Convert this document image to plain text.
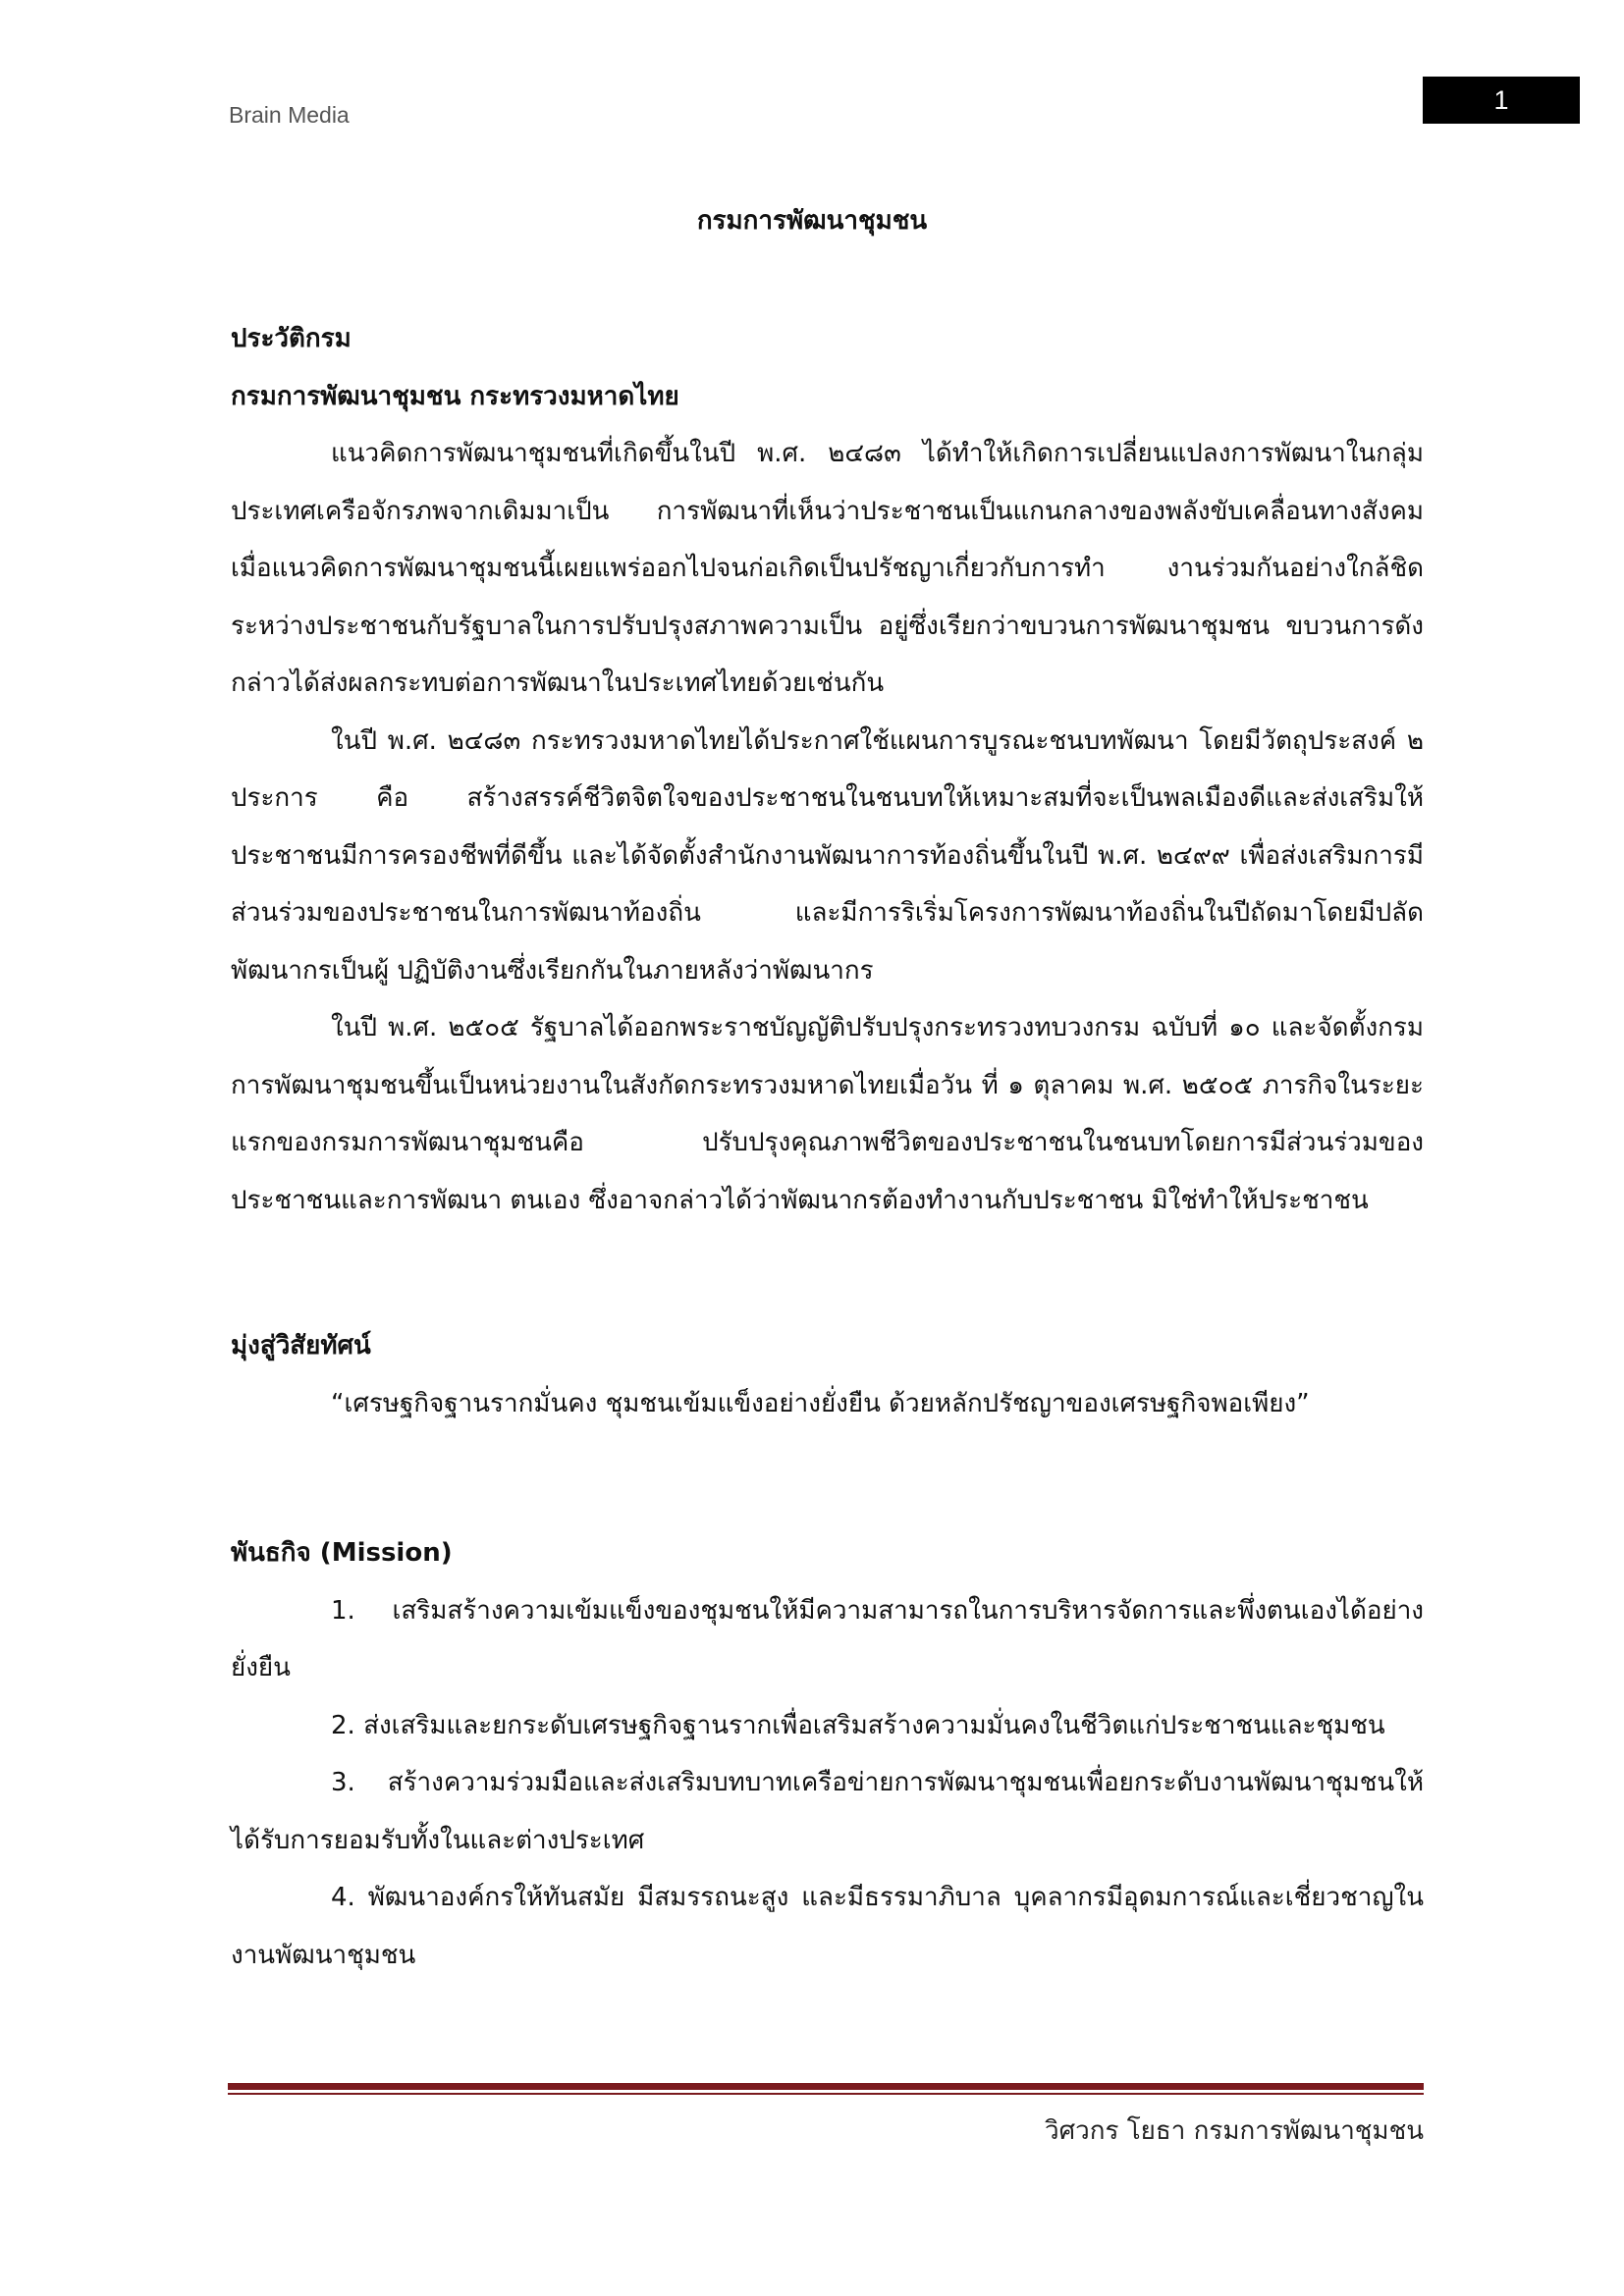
Brain Media
1
กรมการพัฒนาชุมชน

ประวัติกรม

กรมการพัฒนาชุมชน กระทรวงมหาดไทย

แนวคิดการพัฒนาชุมชนที่เกิดขึ้นในปี พ.ศ. ๒๔๘๓ ได้ทำให้เกิดการเปลี่ยนแปลงการพัฒนาในกลุ่มประเทศเครือจักรภพจากเดิมมาเป็น การพัฒนาที่เห็นว่าประชาชนเป็นแกนกลางของพลังขับเคลื่อนทางสังคม เมื่อแนวคิดการพัฒนาชุมชนนี้เผยแพร่ออกไปจนก่อเกิดเป็นปรัชญาเกี่ยวกับการทำ งานร่วมกันอย่างใกล้ชิดระหว่างประชาชนกับรัฐบาลในการปรับปรุงสภาพความเป็น อยู่ซึ่งเรียกว่าขบวนการพัฒนาชุมชน ขบวนการดังกล่าวได้ส่งผลกระทบต่อการพัฒนาในประเทศไทยด้วยเช่นกัน

ในปี พ.ศ. ๒๔๘๓ กระทรวงมหาดไทยได้ประกาศใช้แผนการบูรณะชนบทพัฒนา โดยมีวัตถุประสงค์ ๒ ประการ คือ สร้างสรรค์ชีวิตจิตใจของประชาชนในชนบทให้เหมาะสมที่จะเป็นพลเมืองดีและส่งเสริมให้ประชาชนมีการครองชีพที่ดีขึ้น และได้จัดตั้งสำนักงานพัฒนาการท้องถิ่นขึ้นในปี พ.ศ. ๒๔๙๙ เพื่อส่งเสริมการมีส่วนร่วมของประชาชนในการพัฒนาท้องถิ่น และมีการริเริ่มโครงการพัฒนาท้องถิ่นในปีถัดมาโดยมีปลัดพัฒนากรเป็นผู้ ปฏิบัติงานซึ่งเรียกกันในภายหลังว่าพัฒนากร

ในปี พ.ศ. ๒๕๐๕ รัฐบาลได้ออกพระราชบัญญัติปรับปรุงกระทรวงทบวงกรม ฉบับที่ ๑๐ และจัดตั้งกรมการพัฒนาชุมชนขึ้นเป็นหน่วยงานในสังกัดกระทรวงมหาดไทยเมื่อวัน ที่ ๑ ตุลาคม พ.ศ. ๒๕๐๕ ภารกิจในระยะแรกของกรมการพัฒนาชุมชนคือ ปรับปรุงคุณภาพชีวิตของประชาชนในชนบทโดยการมีส่วนร่วมของประชาชนและการพัฒนา ตนเอง ซึ่งอาจกล่าวได้ว่าพัฒนากรต้องทำงานกับประชาชน มิใช่ทำให้ประชาชน

มุ่งสู่วิสัยทัศน์

“เศรษฐกิจฐานรากมั่นคง ชุมชนเข้มแข็งอย่างยั่งยืน ด้วยหลักปรัชญาของเศรษฐกิจพอเพียง”

พันธกิจ (Mission)

1. เสริมสร้างความเข้มแข็งของชุมชนให้มีความสามารถในการบริหารจัดการและพึ่งตนเองได้อย่างยั่งยืน

2. ส่งเสริมและยกระดับเศรษฐกิจฐานรากเพื่อเสริมสร้างความมั่นคงในชีวิตแก่ประชาชนและชุมชน

3. สร้างความร่วมมือและส่งเสริมบทบาทเครือข่ายการพัฒนาชุมชนเพื่อยกระดับงานพัฒนาชุมชนให้ได้รับการยอมรับทั้งในและต่างประเทศ

4. พัฒนาองค์กรให้ทันสมัย มีสมรรถนะสูง และมีธรรมาภิบาล บุคลากรมีอุดมการณ์และเชี่ยวชาญในงานพัฒนาชุมชน

วิศวกร โยธา กรมการพัฒนาชุมชน
